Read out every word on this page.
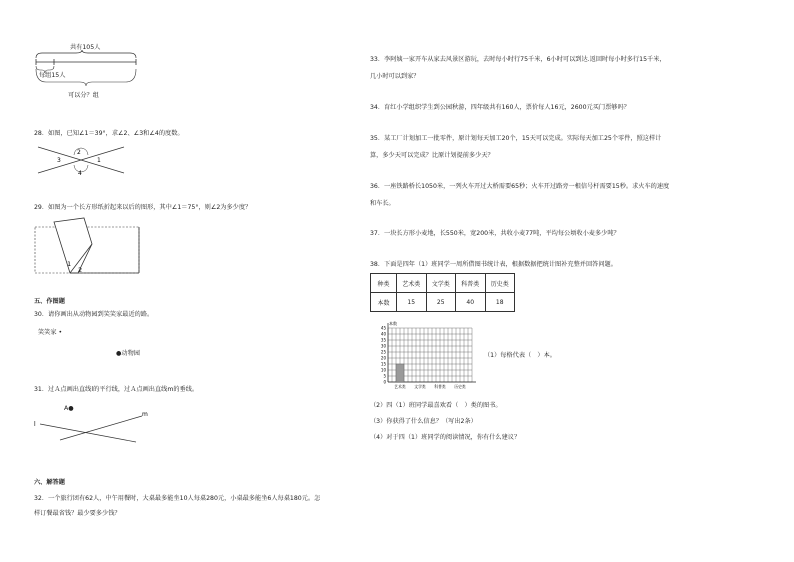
共有105人
每组15人
可以分？组
28．如图，已知∠1＝39°，求∠2、∠3和∠4的度数。
2
3	1
4
29．如图为一个长方形纸折起来以后的图形，其中∠1＝75°，则∠2为多少度？
1
2
五、作图题
30．请你画出从动物园到笑笑家最近的路。
笑笑家 •
●动物园
31．过Ａ点画出直线l的平行线，过Ａ点画出直线m的垂线。
A●
l
m
六、解答题
32．一个旅行团有62人，中午用餐时，大桌最多能坐10人每桌280元，小桌最多能坐6人每桌180元。怎
样订餐最省钱？最少要多少钱？
33．李阿姨一家开车从家去风景区游玩，去时每小时行75千米，6小时可以到达.返回时每小时多行15千米，
几小时可以到家？
34．育红小学组织学生到公园秋游，四年级共有160人，票价每人16元，2600元买门票够吗？
35．某工厂计划加工一批零件，原计划每天加工20个，15天可以完成。实际每天加工25个零件，照这样计
算，多少天可以完成？比原计划提前多少天？
36．一座铁路桥长1050米，一列火车开过大桥需要65秒；火车开过路旁一根信号杆需要15秒。求火车的速度
和车长。
37．一块长方形小麦地，长550米，宽200米，共收小麦77吨，平均每公顷收小麦多少吨？
38．下面是四年（1）班同学一周所借图书统计表，根据数据把统计图补充整并回答问题。
种类	艺术类	文学类	科普类	历史类
本数	15	25	40	18
0
5
10
15
20
25
30
35
40
45
本数
艺术类 文学类 科普类 历史类
（1）每格代表（　）本。
（2）四（1）班同学最喜欢看（　）类的图书。
（3）你获得了什么信息？（写出2条）
（4）对于四（1）班同学的阅读情况，你有什么建议？
